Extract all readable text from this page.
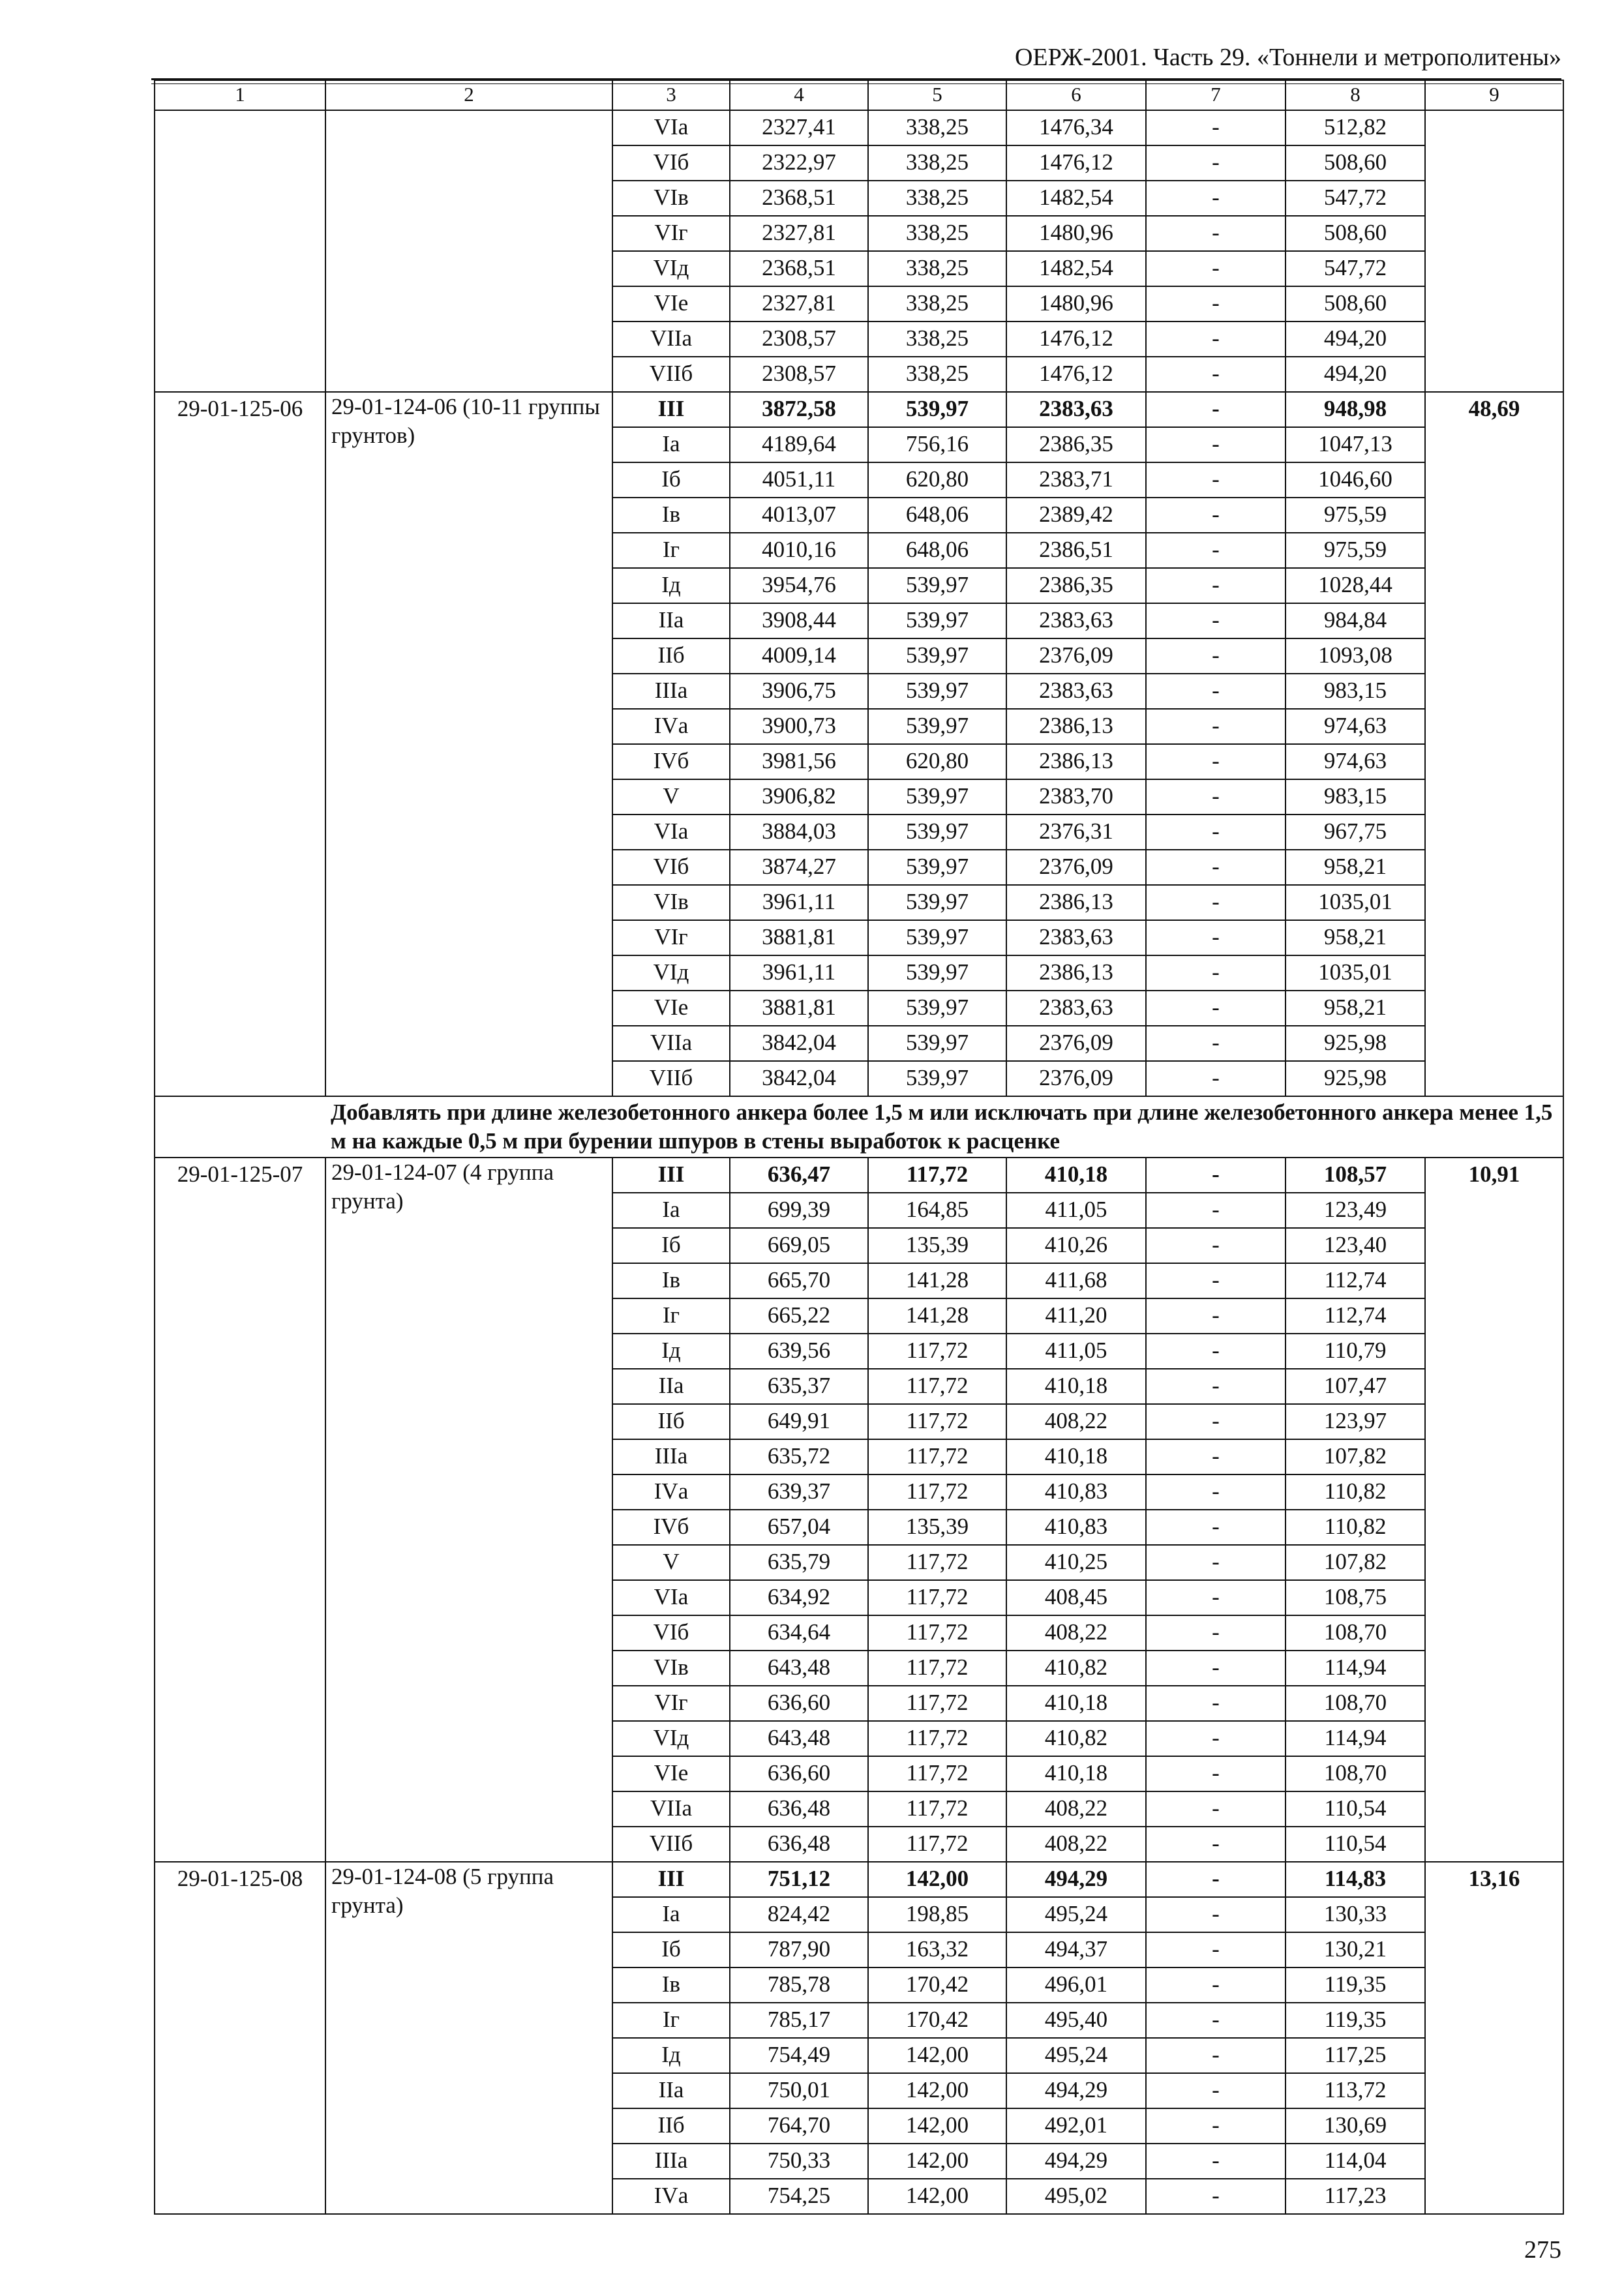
ОЕРЖ-2001. Часть 29. «Тоннели и метрополитены»
1	2	3	4	5	6	7	8	9
		VIа	2327,41	338,25	1476,34	-	512,82	
		VIб	2322,97	338,25	1476,12	-	508,60	
		VIв	2368,51	338,25	1482,54	-	547,72	
		VIг	2327,81	338,25	1480,96	-	508,60	
		VIд	2368,51	338,25	1482,54	-	547,72	
		VIе	2327,81	338,25	1480,96	-	508,60	
		VIIа	2308,57	338,25	1476,12	-	494,20	
		VIIб	2308,57	338,25	1476,12	-	494,20	
29-01-125-06	29-01-124-06 (10-11 группы грунтов)	III	3872,58	539,97	2383,63	-	948,98	48,69
		Iа	4189,64	756,16	2386,35	-	1047,13	
		Iб	4051,11	620,80	2383,71	-	1046,60	
		Iв	4013,07	648,06	2389,42	-	975,59	
		Iг	4010,16	648,06	2386,51	-	975,59	
		Iд	3954,76	539,97	2386,35	-	1028,44	
		IIа	3908,44	539,97	2383,63	-	984,84	
		IIб	4009,14	539,97	2376,09	-	1093,08	
		IIIа	3906,75	539,97	2383,63	-	983,15	
		IVа	3900,73	539,97	2386,13	-	974,63	
		IVб	3981,56	620,80	2386,13	-	974,63	
		V	3906,82	539,97	2383,70	-	983,15	
		VIа	3884,03	539,97	2376,31	-	967,75	
		VIб	3874,27	539,97	2376,09	-	958,21	
		VIв	3961,11	539,97	2386,13	-	1035,01	
		VIг	3881,81	539,97	2383,63	-	958,21	
		VIд	3961,11	539,97	2386,13	-	1035,01	
		VIе	3881,81	539,97	2383,63	-	958,21	
		VIIа	3842,04	539,97	2376,09	-	925,98	
		VIIб	3842,04	539,97	2376,09	-	925,98	
	Добавлять при длине железобетонного анкера более 1,5 м или исключать при длине железобетонного анкера менее 1,5 м на каждые 0,5 м при бурении шпуров в стены выработок к расценке							
29-01-125-07	29-01-124-07 (4 группа грунта)	III	636,47	117,72	410,18	-	108,57	10,91
		Iа	699,39	164,85	411,05	-	123,49	
		Iб	669,05	135,39	410,26	-	123,40	
		Iв	665,70	141,28	411,68	-	112,74	
		Iг	665,22	141,28	411,20	-	112,74	
		Iд	639,56	117,72	411,05	-	110,79	
		IIа	635,37	117,72	410,18	-	107,47	
		IIб	649,91	117,72	408,22	-	123,97	
		IIIа	635,72	117,72	410,18	-	107,82	
		IVа	639,37	117,72	410,83	-	110,82	
		IVб	657,04	135,39	410,83	-	110,82	
		V	635,79	117,72	410,25	-	107,82	
		VIа	634,92	117,72	408,45	-	108,75	
		VIб	634,64	117,72	408,22	-	108,70	
		VIв	643,48	117,72	410,82	-	114,94	
		VIг	636,60	117,72	410,18	-	108,70	
		VIд	643,48	117,72	410,82	-	114,94	
		VIе	636,60	117,72	410,18	-	108,70	
		VIIа	636,48	117,72	408,22	-	110,54	
		VIIб	636,48	117,72	408,22	-	110,54	
29-01-125-08	29-01-124-08 (5 группа грунта)	III	751,12	142,00	494,29	-	114,83	13,16
		Iа	824,42	198,85	495,24	-	130,33	
		Iб	787,90	163,32	494,37	-	130,21	
		Iв	785,78	170,42	496,01	-	119,35	
		Iг	785,17	170,42	495,40	-	119,35	
		Iд	754,49	142,00	495,24	-	117,25	
		IIа	750,01	142,00	494,29	-	113,72	
		IIб	764,70	142,00	492,01	-	130,69	
		IIIа	750,33	142,00	494,29	-	114,04	
		IVа	754,25	142,00	495,02	-	117,23	
275
